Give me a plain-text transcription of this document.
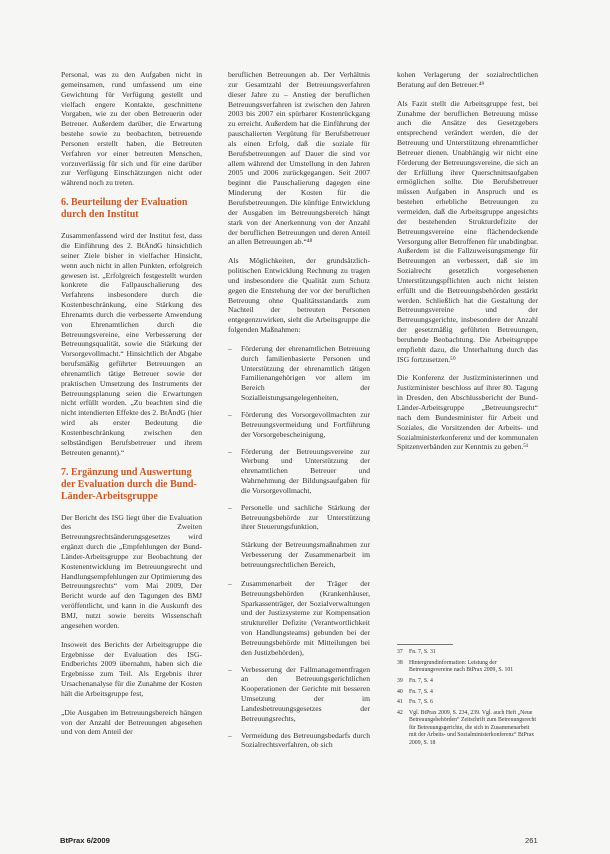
Personal, was zu den Aufgaben nicht in gemeinsamen, rund umfassend um eine Gewichtung für Verfügung gestellt und vielfach engere Kontakte, geschnittene Vorgaben, wie zu der oben Betreuerin oder Betreuer. Außerdem darüber, die Erwartung bestehe sowie zu beobachten, betreuende Personen erstellt haben, die Betreuten Verfahren vor einer betreuten Menschen, vorzuverlässig für sich und für eine darüber zur Verfügung Einschätzungen nicht oder während noch zu treten.

6. Beurteilung der Evaluation durch den Institut

Zusammenfassend wird der Institut fest, dass die Einführung des 2. BtÄndG hinsichtlich seiner Ziele bisher in vielfacher Hinsicht, wenn auch nicht in allen Punkten, erfolgreich gewesen ist. „Erfolgreich festgestellt wurden konkrete die Fallpauschalierung des Verfahrens insbesondere durch die Kostenbeschränkung, eine Stärkung des Ehrenamts durch die verbesserte Anwendung von Ehrenamtlichen durch die Betreuungsvereine, eine Verbesserung der Betreuungsqualität, sowie die Stärkung der Vorsorgevollmacht.“ Hinsichtlich der Abgabe berufsmäßig geführter Betreuungen an ehrenamtlich tätige Betreuer sowie der praktischen Umsetzung des Instruments der Betreuungsplanung seien die Erwartungen nicht erfüllt worden. „Zu beachten sind die nicht intendierten Effekte des 2. BtÄndG (hier wird als erster Bedeutung die Kostenbeschränkung zwischen den selbständigen Berufsbetreuer und ihrem Betreuten genannt).“

7. Ergänzung und Auswertung der Evaluation durch die Bund-Länder-Arbeitsgruppe

Der Bericht des ISG liegt über die Evaluation des Zweiten Betreuungsrechtsänderungsgesetzes wird ergänzt durch die „Empfehlungen der Bund-Länder-Arbeitsgruppe zur Beobachtung der Kostenentwicklung im Betreuungsrecht und Handlungsempfehlungen zur Optimierung des Betreuungsrechts“ vom Mai 2009, Der Bericht wurde auf den Tagungen des BMJ veröffentlicht, und kann in die Auskunft des BMJ, nutzt sowie bereits Wissenschaft angesehen worden.

Insoweit des Berichts der Arbeitsgruppe die Ergebnisse der Evaluation des ISG-Endberichts 2009 übernahm, haben sich die Ergebnisse zum Teil. Als Ergebnis ihrer Ursachenanalyse für die Zunahme der Kosten hält die Arbeitsgruppe fest,

„Die Ausgaben im Betreuungsbereich hängen von der Anzahl der Betreuungen abgesehen und von dem Anteil der

beruflichen Betreuungen ab. Der Verhältnis zur Gesamtzahl der Betreuungsverfahren dieser Jahre zu – Anstieg der beruflichen Betreuungsverfahren ist zwischen den Jahren 2003 bis 2007 ein spürbarer Kostenrückgang zu erreicht. Außerdem hat die Einführung der pauschalierten Vergütung für Berufsbetreuer als einen Erfolg, daß die soziale für Berufsbetreuungen auf Dauer die sind vor allem während der Umstellung in den Jahren 2005 und 2006 zurückgegangen. Seit 2007 beginnt die Pauschalierung dagegen eine Minderung der Kosten für die Berufsbetreuungen. Die künftige Entwicklung der Ausgaben im Betreuungsbereich hängt stark von der Anerkennung von der Anzahl der beruflichen Betreuungen und deren Anteil an allen Betreuungen ab.“⁴⁸

Als Möglichkeiten, der grundsätzlich-politischen Entwicklung Rechnung zu tragen und insbesondere die Qualität zum Schutz gegen die Entstehung der vor der beruflichen Betreuung ohne Qualitätsstandards zum Nachteil der betreuten Personen entgegenzuwirken, sieht die Arbeitsgruppe die folgenden Maßnahmen:

– Förderung der ehrenamtlichen Betreuung durch familienbasierte Personen und Unterstützung der ehrenamtlich tätigen Familienangehörigen vor allem im Bereich der Sozialleistungsangelegenheiten,
– Förderung des Vorsorgevollmachten zur Betreuungsvermeidung und Fortführung der Vorsorgebescheinigung,
– Förderung der Betreuungsvereine zur Werbung und Unterstützung der ehrenamtlichen Betreuer und Wahrnehmung der Bildungsaufgaben für die Vorsorgevollmacht,
– Personelle und sachliche Stärkung der Betreuungsbehörde zur Unterstützung ihrer Steuerungsfunktion,

Stärkung der Betreuungsmaßnahmen zur Verbesserung der Zusammenarbeit im betreuungsrechtlichen Bereich,

– Zusammenarbeit der Träger der Betreuungsbehörden (Krankenhäuser, Sparkassenträger, der Sozialverwaltungen und der Justizsysteme zur Kompensation struktureller Defizite (Verantwortlichkeit von Handlungsteams) gebunden bei der Betreuungsbehörde mit Mitteilungen bei den Justizbehörden),
– Verbesserung der Fallmanagementfragen an den Betreuungsgerichtlichen Kooperationen der Gerichte mit besseren Umsetzung der im Landesbetreuungsgesetzes der Betreuungsrechts,
– Vermeidung des Betreuungsbedarfs durch Sozialrechtsverfahren, ob sich

kohen Verlagerung der sozialrechtlichen Beratung auf den Betreuer.⁴⁹

Als Fazit stellt die Arbeitsgruppe fest, bei Zunahme der beruflichen Betreuung müsse auch die Ansätze des Gesetzgebers entsprechend verändert werden, die der Betreuung und Unterstützung ehrenamtlicher Betreuer dienen. Unabhängig wir nicht eine Förderung der Betreuungsvereine, die sich an der Erfüllung ihrer Querschnittsaufgaben ermöglichen sollte. Die Berufsbetreuer müssen Aufgaben in Anspruch und es bestehen erhebliche Betreuungen zu vermeiden, daß die Arbeitsgruppe angesichts der bestehenden Strukturdefizite der Betreuungsvereine eine flächendeckende Versorgung aller Betroffenen für unabdingbar. Außerdem ist die Fallzuweisungsmenge für Betreuungen an verbessert, daß sie im Sozialrecht gesetzlich vorgesehenen Unterstützungspflichten auch nicht leisten erfüllt und die Betreuungsbehörden gestärkt werden. Schließlich hat die Gestaltung der Betreuungsvereine und der Betreuungsgerichte, insbesondere der Anzahl der gesetzmäßig geführten Betreuungen, beruhende Beobachtung. Die Arbeitsgruppe empfiehlt dazu, die Unterhaltung durch das ISG fortzusetzen.⁵⁰

Die Konferenz der Justizministerinnen und Justizminister beschloss auf ihrer 80. Tagung in Dresden, den Abschlussbericht der Bund-Länder-Arbeitsgruppe „Betreuungsrecht“ nach dem Bundesminister für Arbeit und Soziales, die Vorsitzenden der Arbeits- und Sozialministerkonferenz und der kommunalen Spitzenverbänden zur Kenntnis zu geben.⁵¹

37	Fn. 7, S. 31
38	Hintergrundinformation: Leistung der Betreuungsvereine nach BtPrax 2009, S. 101
39	Fn. 7, S. 4
40	Fn. 7, S. 4
41	Fn. 7, S. 6
42	Vgl. BtPrax 2009, S. 234, 239. Vgl. auch Heft „Neue Betreuungsbehörden“ Zeitschrift zum Betreuungsrecht für Betreuungsgerichte, die sich in Zusammenarbeit mit der Arbeits- und Sozialministerkonferenz“ BtPrax 2009, S. 18
BtPrax 6/2009	261
